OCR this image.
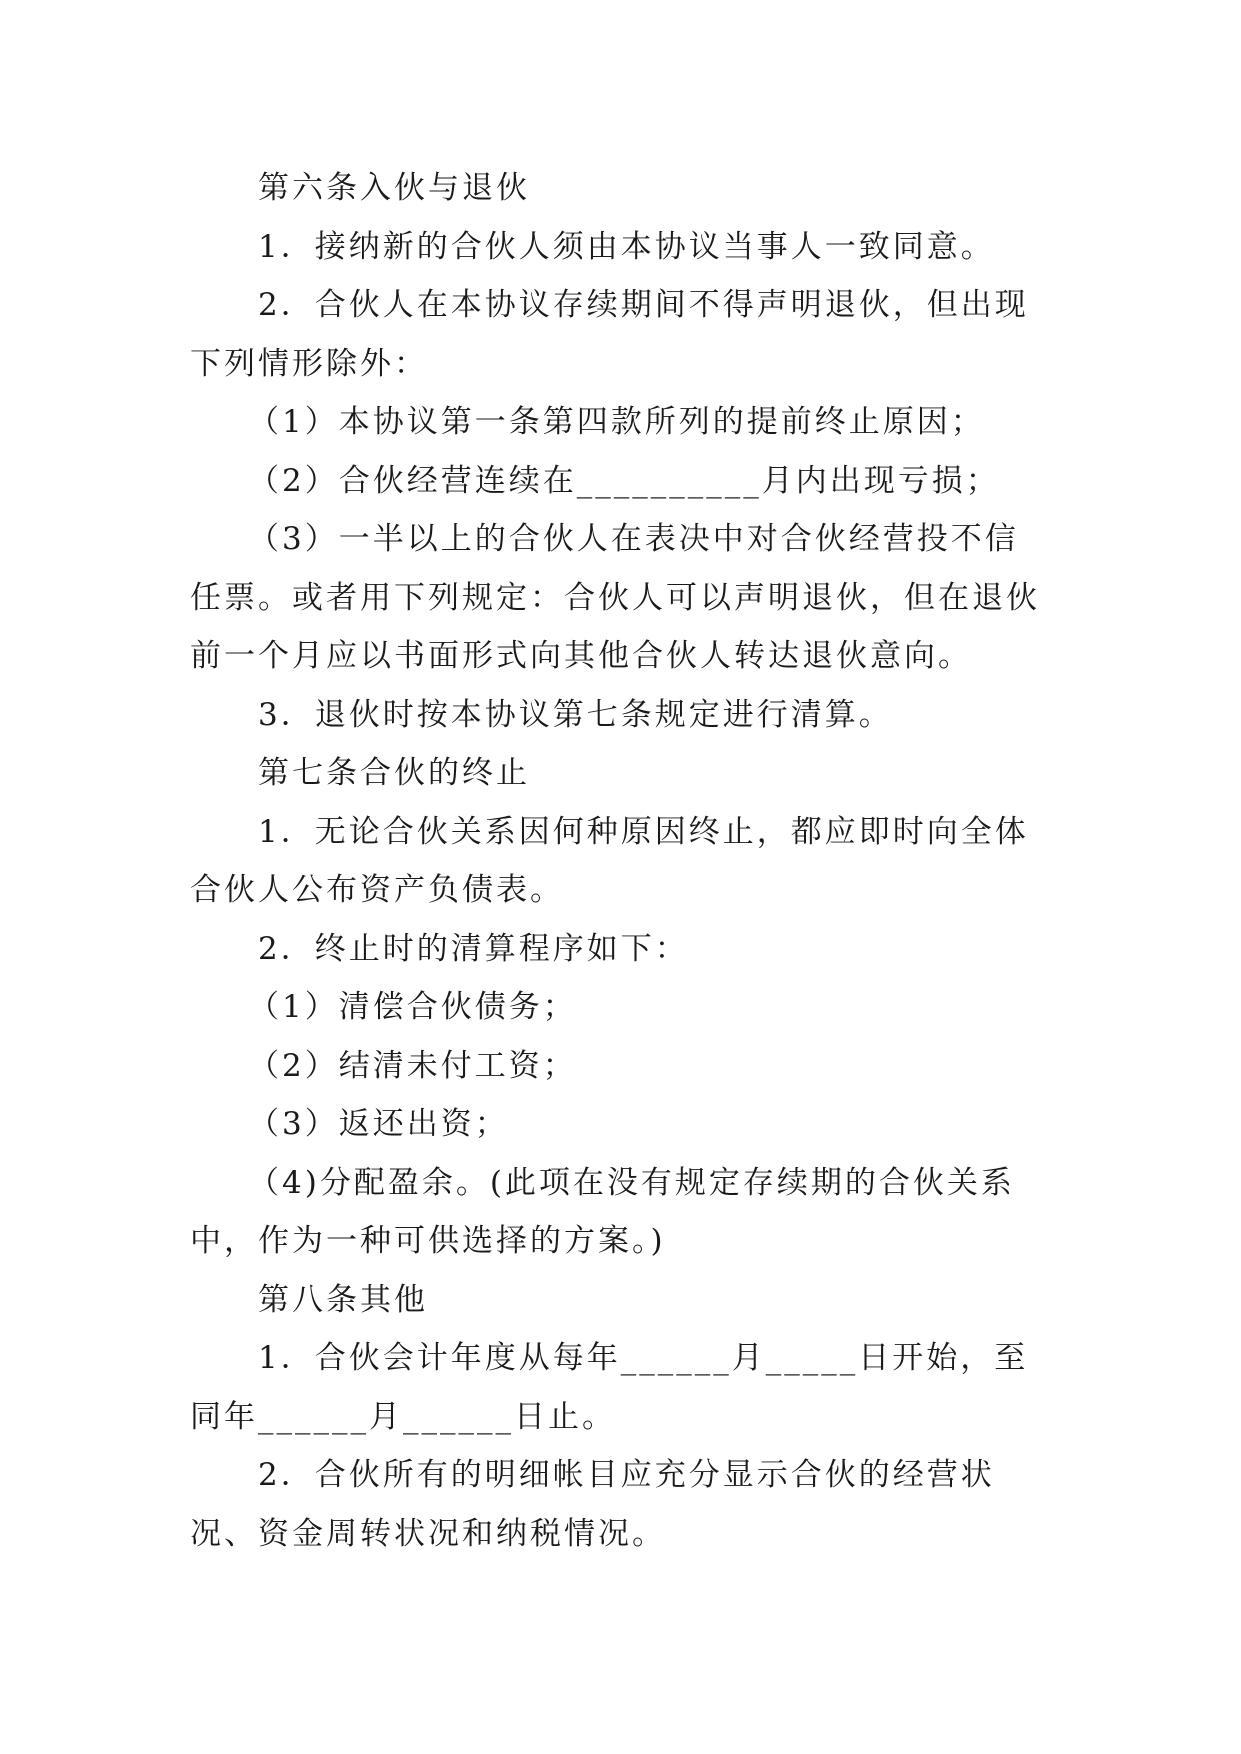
第六条入伙与退伙

1．接纳新的合伙人须由本协议当事人一致同意。

2．合伙人在本协议存续期间不得声明退伙，但出现下列情形除外：

（1）本协议第一条第四款所列的提前终止原因；

（2）合伙经营连续在__________月内出现亏损；

（3）一半以上的合伙人在表决中对合伙经营投不信任票。或者用下列规定：合伙人可以声明退伙，但在退伙前一个月应以书面形式向其他合伙人转达退伙意向。

3．退伙时按本协议第七条规定进行清算。

第七条合伙的终止

1．无论合伙关系因何种原因终止，都应即时向全体合伙人公布资产负债表。

2．终止时的清算程序如下：

（1）清偿合伙债务；

（2）结清未付工资；

（3）返还出资；

（4)分配盈余。(此项在没有规定存续期的合伙关系中，作为一种可供选择的方案。)

第八条其他

1．合伙会计年度从每年______月_____日开始，至同年______月______日止。

2．合伙所有的明细帐目应充分显示合伙的经营状况、资金周转状况和纳税情况。
